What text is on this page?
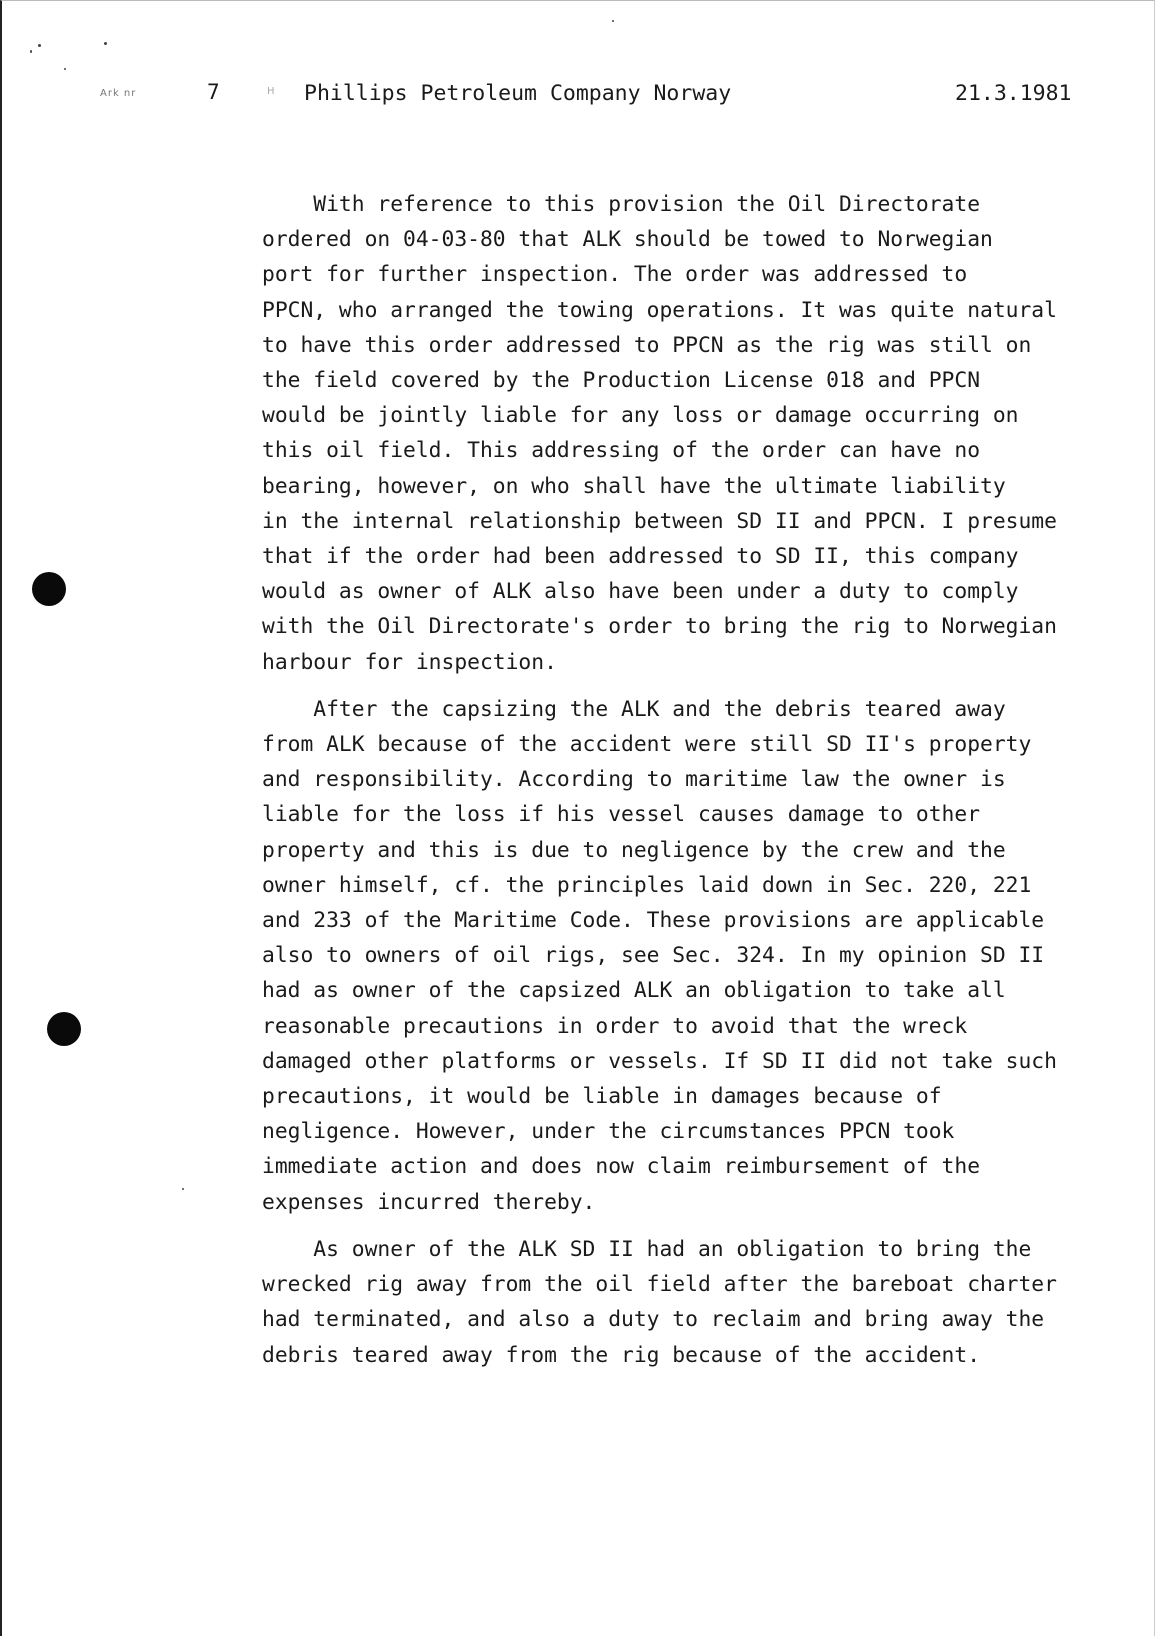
Ark nr	7	H Phillips Petroleum Company Norway	21.3.1981

With reference to this provision the Oil Directorate
ordered on 04-03-80 that ALK should be towed to Norwegian
port for further inspection. The order was addressed to
PPCN, who arranged the towing operations. It was quite natural
to have this order addressed to PPCN as the rig was still on
the field covered by the Production License 018 and PPCN
would be jointly liable for any loss or damage occurring on
this oil field. This addressing of the order can have no
bearing, however, on who shall have the ultimate liability
in the internal relationship between SD II and PPCN. I presume
that if the order had been addressed to SD II, this company
would as owner of ALK also have been under a duty to comply
with the Oil Directorate's order to bring the rig to Norwegian
harbour for inspection.

After the capsizing the ALK and the debris teared away
from ALK because of the accident were still SD II's property
and responsibility. According to maritime law the owner is
liable for the loss if his vessel causes damage to other
property and this is due to negligence by the crew and the
owner himself, cf. the principles laid down in Sec. 220, 221
and 233 of the Maritime Code. These provisions are applicable
also to owners of oil rigs, see Sec. 324. In my opinion SD II
had as owner of the capsized ALK an obligation to take all
reasonable precautions in order to avoid that the wreck
damaged other platforms or vessels. If SD II did not take such
precautions, it would be liable in damages because of
negligence. However, under the circumstances PPCN took
immediate action and does now claim reimbursement of the
expenses incurred thereby.

As owner of the ALK SD II had an obligation to bring the
wrecked rig away from the oil field after the bareboat charter
had terminated, and also a duty to reclaim and bring away the
debris teared away from the rig because of the accident.
